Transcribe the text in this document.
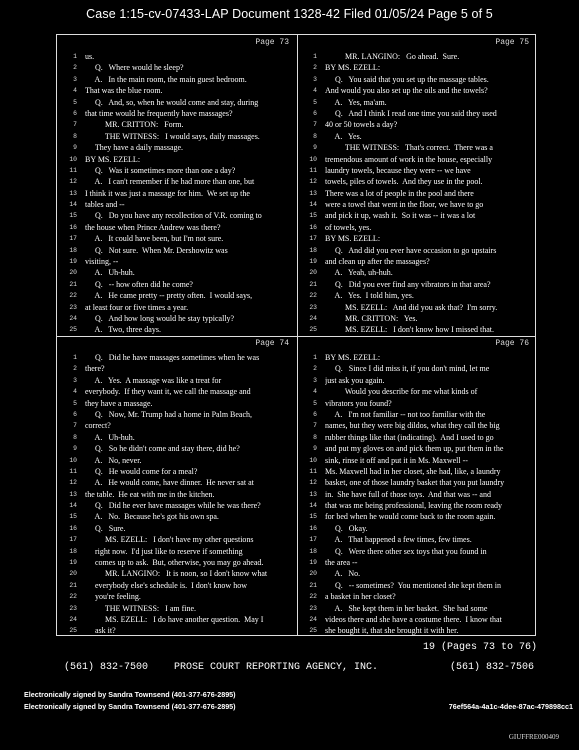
Case 1:15-cv-07433-LAP Document 1328-42 Filed 01/05/24 Page 5 of 5
Page 73
1 us.
2 Q.   Where would he sleep?
3 A.   In the main room, the main guest bedroom.
4 That was the blue room.
5 Q.   And, so, when he would come and stay, during
6 that time would he frequently have massages?
7 MR. CRITTON:   Form.
8 THE WITNESS:   I would says, daily massages.
9 They have a daily massage.
10 BY MS. EZELL:
11 Q.   Was it sometimes more than one a day?
12 A.   I can't remember if he had more than one, but
13 I think it was just a massage for him.  We set up the
14 tables and --
15 Q.   Do you have any recollection of V.R. coming to
16 the house when Prince Andrew was there?
17 A.   It could have been, but I'm not sure.
18 Q.   Not sure.  When Mr. Dershowitz was
19 visiting, --
20 A.   Uh-huh.
21 Q.   -- how often did he come?
22 A.   He came pretty -- pretty often.  I would says,
23 at least four or five times a year.
24 Q.   And how long would he stay typically?
25 A.   Two, three days.
Page 75
1 MR. LANGINO:   Go ahead.  Sure.
2 BY MS. EZELL:
3 Q.   You said that you set up the massage tables.
4 And would you also set up the oils and the towels?
5 A.   Yes, ma'am.
6 Q.   And I think I read one time you said they used
7 40 or 50 towels a day?
8 A.   Yes.
9 THE WITNESS:   That's correct.  There was a
10 tremendous amount of work in the house, especially
11 laundry towels, because they were -- we have
12 towels, piles of towels.  And they use in the pool.
13 There was a lot of people in the pool and there
14 were a towel that went in the floor, we have to go
15 and pick it up, wash it.  So it was -- it was a lot
16 of towels, yes.
17 BY MS. EZELL:
18 Q.   And did you ever have occasion to go upstairs
19 and clean up after the massages?
20 A.   Yeah, uh-huh.
21 Q.   Did you ever find any vibrators in that area?
22 A.   Yes.  I told him, yes.
23 MS. EZELL:   And did you ask that?  I'm sorry.
24 MR. CRITTON:   Yes.
25 MS. EZELL:   I don't know how I missed that.
Page 74
1 Q.   Did he have massages sometimes when he was
2 there?
3 A.   Yes.  A massage was like a treat for
4 everybody.  If they want it, we call the massage and
5 they have a massage.
6 Q.   Now, Mr. Trump had a home in Palm Beach,
7 correct?
8 A.   Uh-huh.
9 Q.   So he didn't come and stay there, did he?
10 A.   No, never.
11 Q.   He would come for a meal?
12 A.   He would come, have dinner.  He never sat at
13 the table.  He eat with me in the kitchen.
14 Q.   Did he ever have massages while he was there?
15 A.   No.  Because he's got his own spa.
16 Q.   Sure.
17 MS. EZELL:   I don't have my other questions
18 right now.  I'd just like to reserve if something
19 comes up to ask.  But, otherwise, you may go ahead.
20 MR. LANGINO:   It is noon, so I don't know what
21 everybody else's schedule is.  I don't know how
22 you're feeling.
23 THE WITNESS:   I am fine.
24 MS. EZELL:   I do have another question.  May I
25 ask it?
Page 76
1 BY MS. EZELL:
2 Q.   Since I did miss it, if you don't mind, let me
3 just ask you again.
4 Would you describe for me what kinds of
5 vibrators you found?
6 A.   I'm not familiar -- not too familiar with the
7 names, but they were big dildos, what they call the big
8 rubber things like that (indicating).  And I used to go
9 and put my gloves on and pick them up, put them in the
10 sink, rinse it off and put it in Ms. Maxwell --
11 Ms. Maxwell had in her closet, she had, like, a laundry
12 basket, one of those laundry basket that you put laundry
13 in.  She have full of those toys.  And that was -- and
14 that was me being professional, leaving the room ready
15 for bed when he would come back to the room again.
16 Q.   Okay.
17 A.   That happened a few times, few times.
18 Q.   Were there other sex toys that you found in
19 the area --
20 A.   No.
21 Q.   -- sometimes?  You mentioned she kept them in
22 a basket in her closet?
23 A.   She kept them in her basket.  She had some
24 videos there and she have a costume there.  I know that
25 she bought it, that she brought it with her.
19 (Pages 73 to 76)
(561) 832-7500	PROSE COURT REPORTING AGENCY, INC.	(561) 832-7506
Electronically signed by Sandra Townsend (401-377-676-2895)
Electronically signed by Sandra Townsend (401-377-676-2895)	76ef564a-4a1c-4dee-87ac-479898cc1
GIUFFRE000409
